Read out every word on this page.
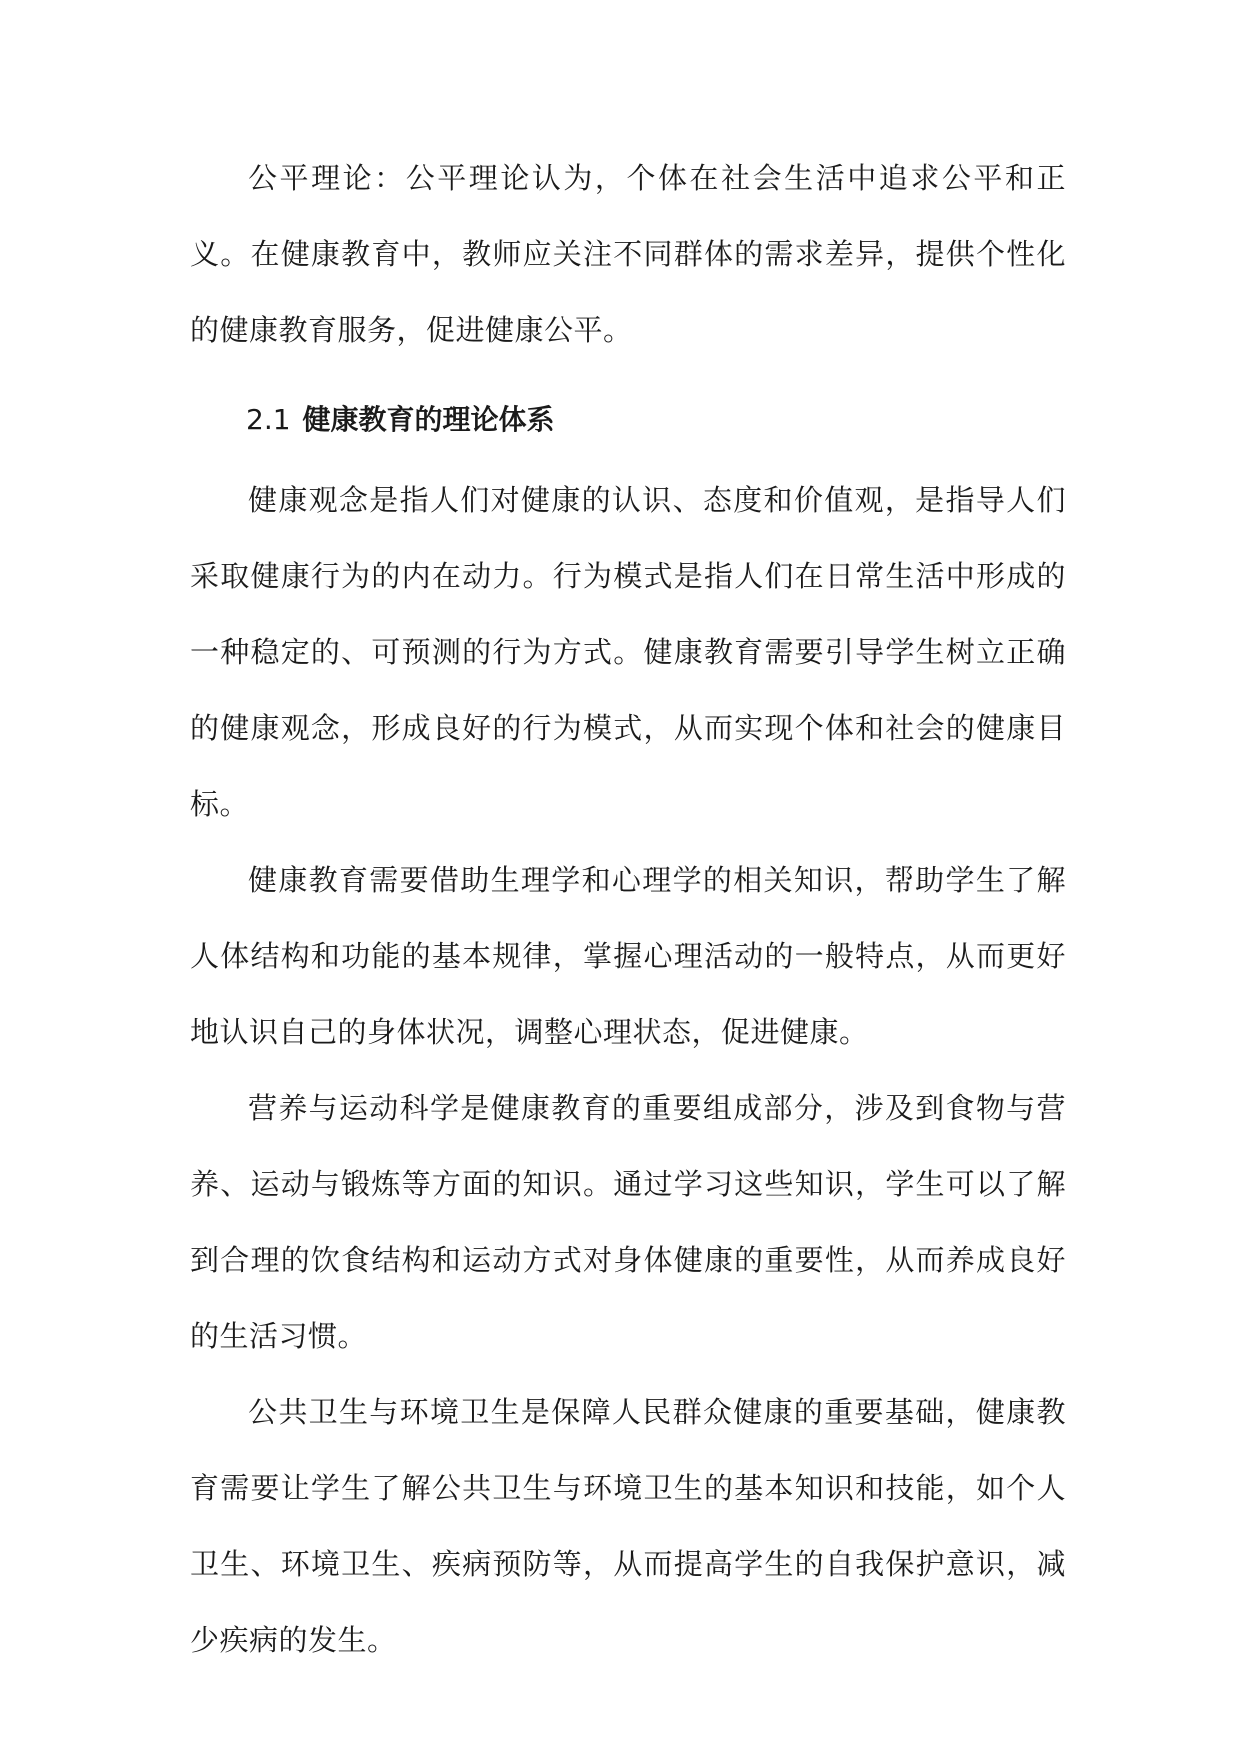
公平理论：公平理论认为，个体在社会生活中追求公平和正义。在健康教育中，教师应关注不同群体的需求差异，提供个性化的健康教育服务，促进健康公平。

2.1 健康教育的理论体系

健康观念是指人们对健康的认识、态度和价值观，是指导人们采取健康行为的内在动力。行为模式是指人们在日常生活中形成的一种稳定的、可预测的行为方式。健康教育需要引导学生树立正确的健康观念，形成良好的行为模式，从而实现个体和社会的健康目标。

健康教育需要借助生理学和心理学的相关知识，帮助学生了解人体结构和功能的基本规律，掌握心理活动的一般特点，从而更好地认识自己的身体状况，调整心理状态，促进健康。

营养与运动科学是健康教育的重要组成部分，涉及到食物与营养、运动与锻炼等方面的知识。通过学习这些知识，学生可以了解到合理的饮食结构和运动方式对身体健康的重要性，从而养成良好的生活习惯。

公共卫生与环境卫生是保障人民群众健康的重要基础，健康教育需要让学生了解公共卫生与环境卫生的基本知识和技能，如个人卫生、环境卫生、疾病预防等，从而提高学生的自我保护意识，减少疾病的发生。
